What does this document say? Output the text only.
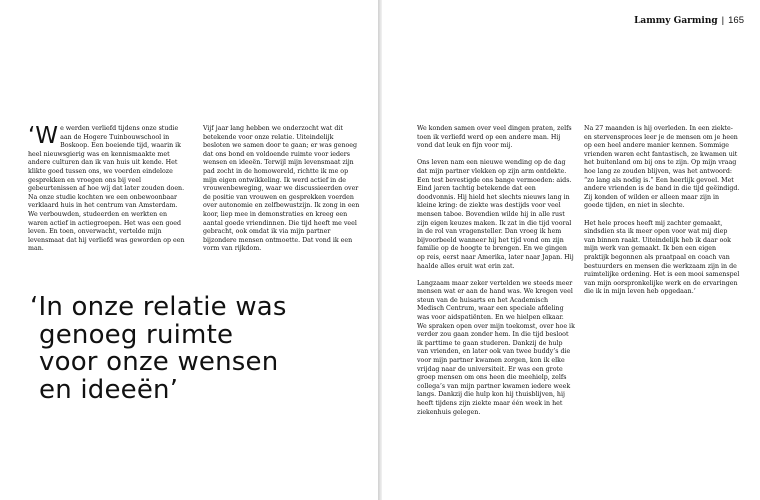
‘We werden verliefd tijdens onze studie aan de Hogere Tuinbouwschool in Boskoop. Een boeiende tijd, waarin ik heel nieuwsgierig was en kennismaakte met andere culturen dan ik van huis uit kende. Het klikte goed tussen ons, we voerden eindeloze gesprekken en vroegen ons bij veel gebeurtenissen af hoe wij dat later zouden doen. Na onze studie kochten we een onbewoonbaar verklaard huis in het centrum van Amsterdam. We verbouwden, studeerden en werkten en waren actief in actiegroepen. Het was een goed leven. En toen, onverwacht, vertelde mijn levensmaat dat hij verliefd was geworden op een man.

Vijf jaar lang hebben we onderzocht wat dit betekende voor onze relatie. Uiteindelijk besloten we samen door te gaan; er was genoeg dat ons bond en voldoende ruimte voor ieders wensen en ideeën. Terwijl mijn levensmaat zijn pad zocht in de homowereld, richtte ik me op mijn eigen ontwikkeling. Ik werd actief in de vrouwenbeweging, waar we discussieerden over de positie van vrouwen en gesprekken voerden over autonomie en zelfbewustzijn. Ik zong in een koor, liep mee in demonstraties en kreeg een aantal goede vriendinnen. Die tijd heeft me veel gebracht, ook omdat ik via mijn partner bijzondere mensen ontmoette. Dat vond ik een vorm van rijkdom.

‘In onze relatie was
genoeg ruimte
voor onze wensen
en ideeën’
Lammy Garming | 165

We konden samen over veel dingen praten, zelfs toen ik verliefd werd op een andere man. Hij vond dat leuk en fijn voor mij.

Ons leven nam een nieuwe wending op de dag dat mijn partner vlekken op zijn arm ontdekte. Een test bevestigde ons bange vermoeden: aids. Eind jaren tachtig betekende dat een doodvonnis. Hij hield het slechts nieuws lang in kleine kring: de ziekte was destijds voor veel mensen taboe. Bovendien wilde hij in alle rust zijn eigen keuzes maken. Ik zat in die tijd vooral in de rol van vragensteller. Dan vroeg ik hem bijvoorbeeld wanneer hij het tijd vond om zijn familie op de hoogte te brengen. En we gingen op reis, eerst naar Amerika, later naar Japan. Hij haalde alles eruit wat erin zat.

Langzaam maar zeker vertelden we steeds meer mensen wat er aan de hand was. We kregen veel steun van de huisarts en het Academisch Medisch Centrum, waar een speciale afdeling was voor aidspatiënten. En we hielpen elkaar. We spraken open over mijn toekomst, over hoe ik verder zou gaan zonder hem. In die tijd besloot ik parttime te gaan studeren. Dankzij de hulp van vrienden, en later ook van twee buddy’s die voor mijn partner kwamen zorgen, kon ik elke vrijdag naar de universiteit. Er was een grote groep mensen om ons heen die meehielp, zelfs collega’s van mijn partner kwamen iedere week langs. Dankzij die hulp kon hij thuisblijven, hij heeft tijdens zijn ziekte maar één week in het ziekenhuis gelegen.

Na 27 maanden is hij overleden. In een ziekte- en stervensproces leer je de mensen om je heen op een heel andere manier kennen. Sommige vrienden waren echt fantastisch, ze kwamen uit het buitenland om bij ons te zijn. Op mijn vraag hoe lang ze zouden blijven, was het antwoord: “zo lang als nodig is.” Een heerlijk gevoel. Met andere vrienden is de band in die tijd geëindigd. Zij konden of wilden er alleen maar zijn in goede tijden, en niet in slechte.

Het hele proces heeft mij zachter gemaakt, sindsdien sta ik meer open voor wat mij diep van binnen raakt. Uiteindelijk heb ik daar ook mijn werk van gemaakt. Ik ben een eigen praktijk begonnen als praatpaal en coach van bestuurders en mensen die werkzaam zijn in de ruimtelijke ordening. Het is een mooi samenspel van mijn oorspronkelijke werk en de ervaringen die ik in mijn leven heb opgedaan.’
